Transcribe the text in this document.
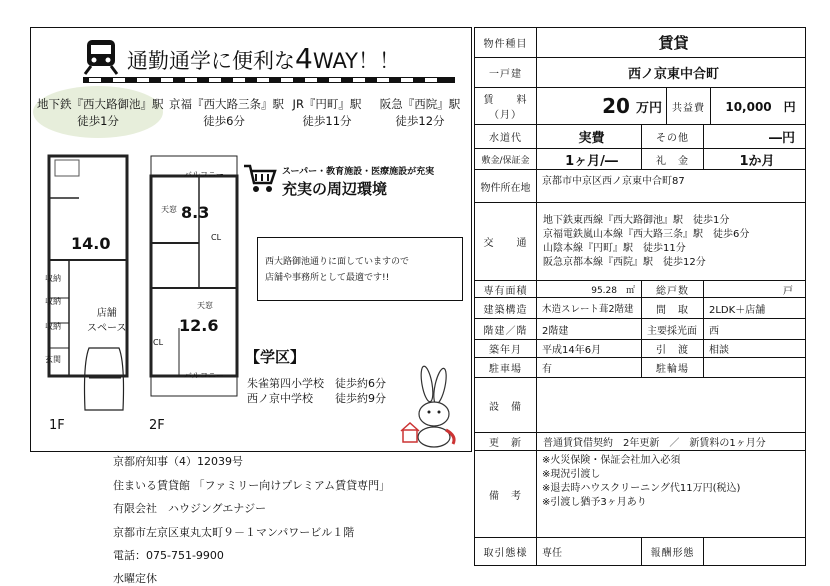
通勤通学に便利な4WAY！！
地下鉄『西大路御池』駅
徒歩1分
京福『西大路三条』駅
徒歩6分
JR『円町』駅
徒歩11分
阪急『西院』駅
徒歩12分
スーパー・教育施設・医療施設が充実
充実の周辺環境
西大路御池通りに面していますので
店舗や事務所として最適です!!
【学区】
朱雀第四小学校　徒歩約6分
西ノ京中学校　　徒歩約9分
14.0
収納
収納
収納
店舗
スペース
玄関
バルコニー
天窓 8.3
CL
天窓
12.6
CL
バルコニー
1F	2F
京都府知事（4）12039号
住まいる賃貸館 「ファミリー向けプレミアム賃貸専門」
有限会社　ハウジングエナジー
京都市左京区東丸太町９－１マンパワービル１階
電話：075-751-9900
水曜定休
物件種目	賃貸
一戸建	西ノ京東中合町
賃　　料
（月）	20 万円	共益費	10,000　円
水道代	実費	その他	―円
敷金/保証金	1ヶ月/―	礼　金	1か月
物件所在地
京都市中京区西ノ京東中合町87
交　　通
地下鉄東西線『西大路御池』駅　徒歩1分
京福電鉄嵐山本線『西大路三条』駅　徒歩6分
山陰本線『円町』駅　徒歩11分
阪急京都本線『西院』駅　徒歩12分
専有面積	95.28　㎡	総戸数	戸
建築構造	木造スレート葺2階建	間　取	2LDK＋店舗
階建／階	2階建	主要採光面	西
築年月	平成14年6月	引　渡	相談
駐車場	有	駐輪場
設　備
更　新	普通賃貸借契約　2年更新　／　新賃料の1ヶ月分
備　考
※火災保険・保証会社加入必須
※現況引渡し
※退去時ハウスクリーニング代11万円(税込)
※引渡し猶予3ヶ月あり
取引態様	専任	報酬形態
